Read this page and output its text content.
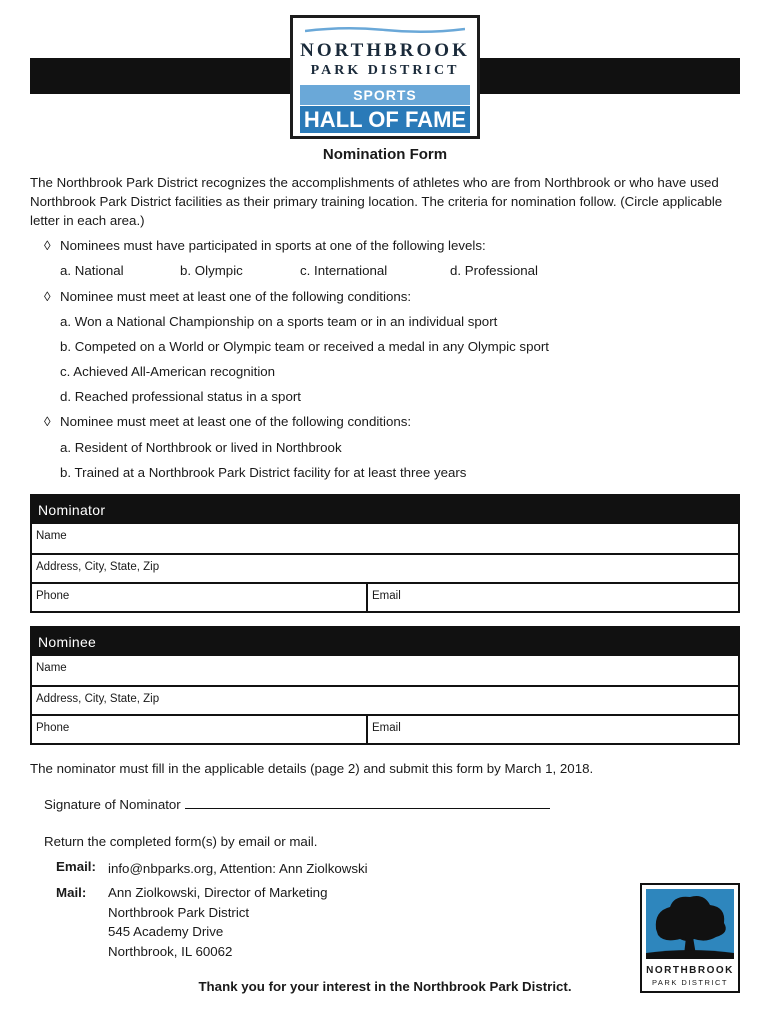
NORTHBROOK
PARK DISTRICT
SPORTS
HALL OF FAME
Nomination Form
The Northbrook Park District recognizes the accomplishments of athletes who are from Northbrook or who have used Northbrook Park District facilities as their primary training location. The criteria for nomination follow. (Circle applicable letter in each area.)
◊ Nominees must have participated in sports at one of the following levels:
a. National	b. Olympic	c. International	d. Professional
◊ Nominee must meet at least one of the following conditions:
a. Won a National Championship on a sports team or in an individual sport
b. Competed on a World or Olympic team or received a medal in any Olympic sport
c. Achieved All-American recognition
d. Reached professional status in a sport
◊ Nominee must meet at least one of the following conditions:
a. Resident of Northbrook or lived in Northbrook
b. Trained at a Northbrook Park District facility for at least three years
Nominator
Name
Address, City, State, Zip
Phone	Email
Nominee
Name
Address, City, State, Zip
Phone	Email
The nominator must fill in the applicable details (page 2) and submit this form by March 1, 2018.
Signature of Nominator
Return the completed form(s) by email or mail.
Email: info@nbparks.org, Attention: Ann Ziolkowski
Mail: Ann Ziolkowski, Director of Marketing
Northbrook Park District
545 Academy Drive
Northbrook, IL 60062
Thank you for your interest in the Northbrook Park District.
NORTHBROOK
PARK DISTRICT
